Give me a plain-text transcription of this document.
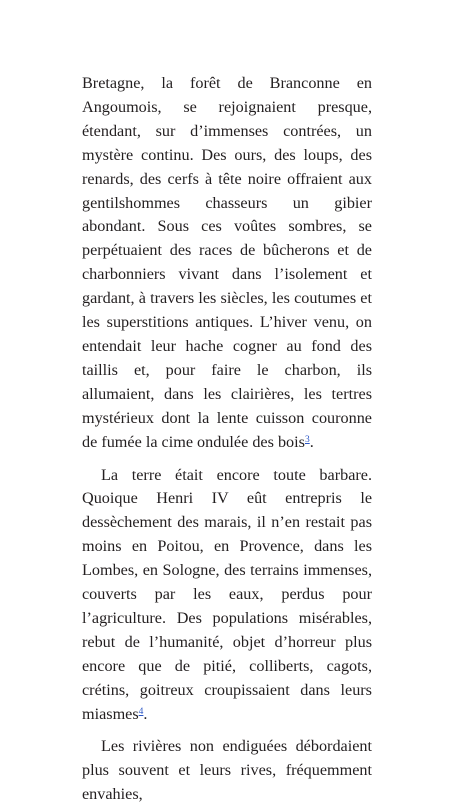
Bretagne, la forêt de Branconne en Angoumois, se rejoignaient presque, étendant, sur d’immenses contrées, un mystère continu. Des ours, des loups, des renards, des cerfs à tête noire offraient aux gentilshommes chasseurs un gibier abondant. Sous ces voûtes sombres, se perpétuaient des races de bûcherons et de charbonniers vivant dans l’isolement et gardant, à travers les siècles, les coutumes et les superstitions antiques. L’hiver venu, on entendait leur hache cogner au fond des taillis et, pour faire le charbon, ils allumaient, dans les clairières, les tertres mystérieux dont la lente cuisson couronne de fumée la cime ondulée des bois$^3$.

La terre était encore toute barbare. Quoique Henri IV eût entrepris le dessèchement des marais, il n’en restait pas moins en Poitou, en Provence, dans les Lombes, en Sologne, des terrains immenses, couverts par les eaux, perdus pour l’agriculture. Des populations misérables, rebut de l’humanité, objet d’horreur plus encore que de pitié, colliberts, cagots, crétins, goitreux croupissaient dans leurs miasmes$^4$.

Les rivières non endiguées débordaient plus souvent et leurs rives, fréquemment envahies,
